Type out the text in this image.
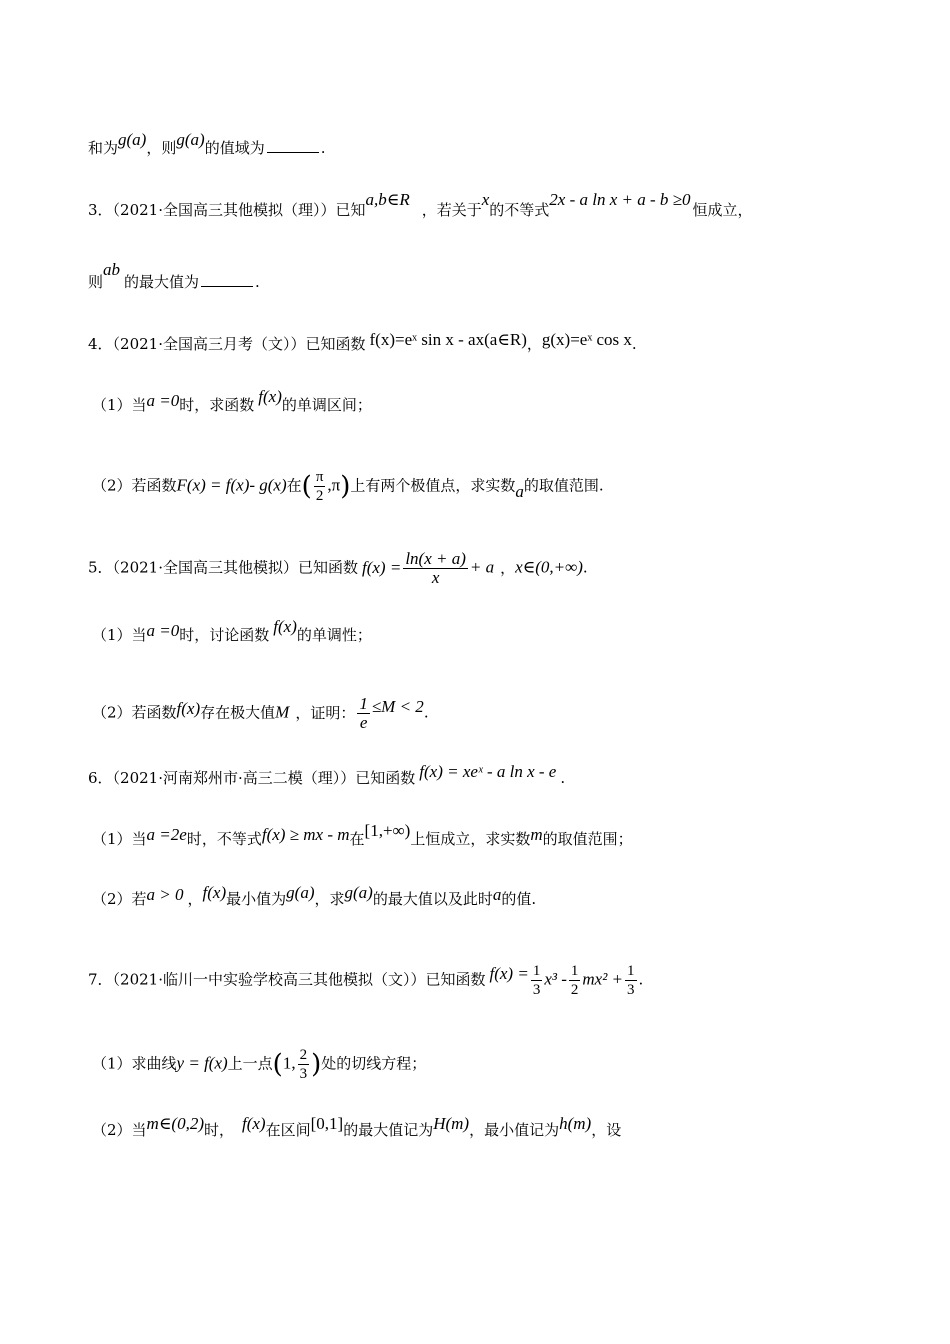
和为g(a)，则g(a)的值域为	.
3．（2021·全国高三其他模拟（理））已知a,b∈R，若关于x的不等式2x - a ln x + a - b ≥0恒成立，
则ab的最大值为	.
4．（2021·全国高三月考（文））已知函数 f(x)=eˣ sin x - ax(a∈R)，g(x)=eˣ cos x.
（1）当a =0时，求函数 f(x)的单调区间；
（2）若函数F(x) = f(x)- g(x)在( $\frac{\pi}{2} ,\pi$)上有两个极值点，求实数a的取值范围.
5．（2021·全国高三其他模拟）已知函数 $f(x) = \frac{\ln(x + a)}{x} + a$ ，x∈(0,+∞).
（1）当a =0时，讨论函数 f(x)的单调性；
（2）若函数f(x)存在极大值M ，证明： $\frac{1}{e} \le M < 2$.
6．（2021·河南郑州市·高三二模（理））已知函数 f(x) = xeˣ - a ln x - e .
（1）当a =2e时，不等式f(x) ≥ mx - m在[1,+∞)上恒成立，求实数m的取值范围；
（2）若a > 0 ，f(x)最小值为g(a)，求g(a)的最大值以及此时a的值.
7．（2021·临川一中实验学校高三其他模拟（文））已知函数 $f(x) = \frac{1}{3} x^3 - \frac{1}{2} mx^2 + \frac{1}{3}$ .
（1）求曲线y = f(x)上一点(1, $\frac{2}{3}$ )处的切线方程；
（2）当m∈(0,2)时， f(x)在区间[0,1]的最大值记为H(m)，最小值记为h(m)，设
